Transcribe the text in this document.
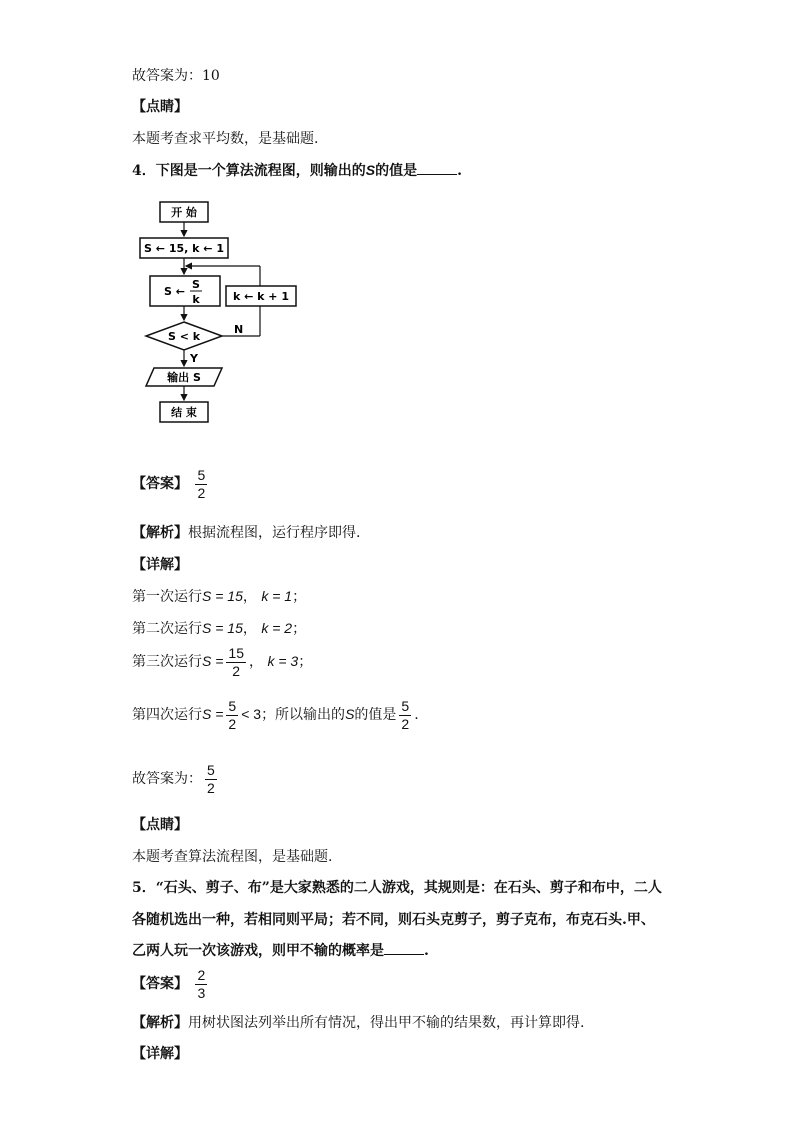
故答案为：10
【点睛】
本题考查求平均数，是基础题.
4．下图是一个算法流程图，则输出的S的值是	.
开 始
S ← 15, k ← 1
S ←
S
k
S < k
N
k ← k + 1
Y
输出 S
结 束
【答案】 $\frac{5}{2}$
【解析】根据流程图，运行程序即得.
【详解】
第一次运行S = 15， k = 1；
第二次运行S = 15， k = 2；
第三次运行$S = \frac{15}{2}$ ， k = 3；
第四次运行$S = \frac{5}{2} < 3$；所以输出的S的值是 $\frac{5}{2}$ .
故答案为： $\frac{5}{2}$
【点睛】
本题考查算法流程图，是基础题.
5．“石头、剪子、布”是大家熟悉的二人游戏，其规则是：在石头、剪子和布中，二人
各随机选出一种，若相同则平局；若不同，则石头克剪子，剪子克布，布克石头.甲、
乙两人玩一次该游戏，则甲不输的概率是	.
【答案】 $\frac{2}{3}$
【解析】用树状图法列举出所有情况，得出甲不输的结果数，再计算即得.
【详解】
